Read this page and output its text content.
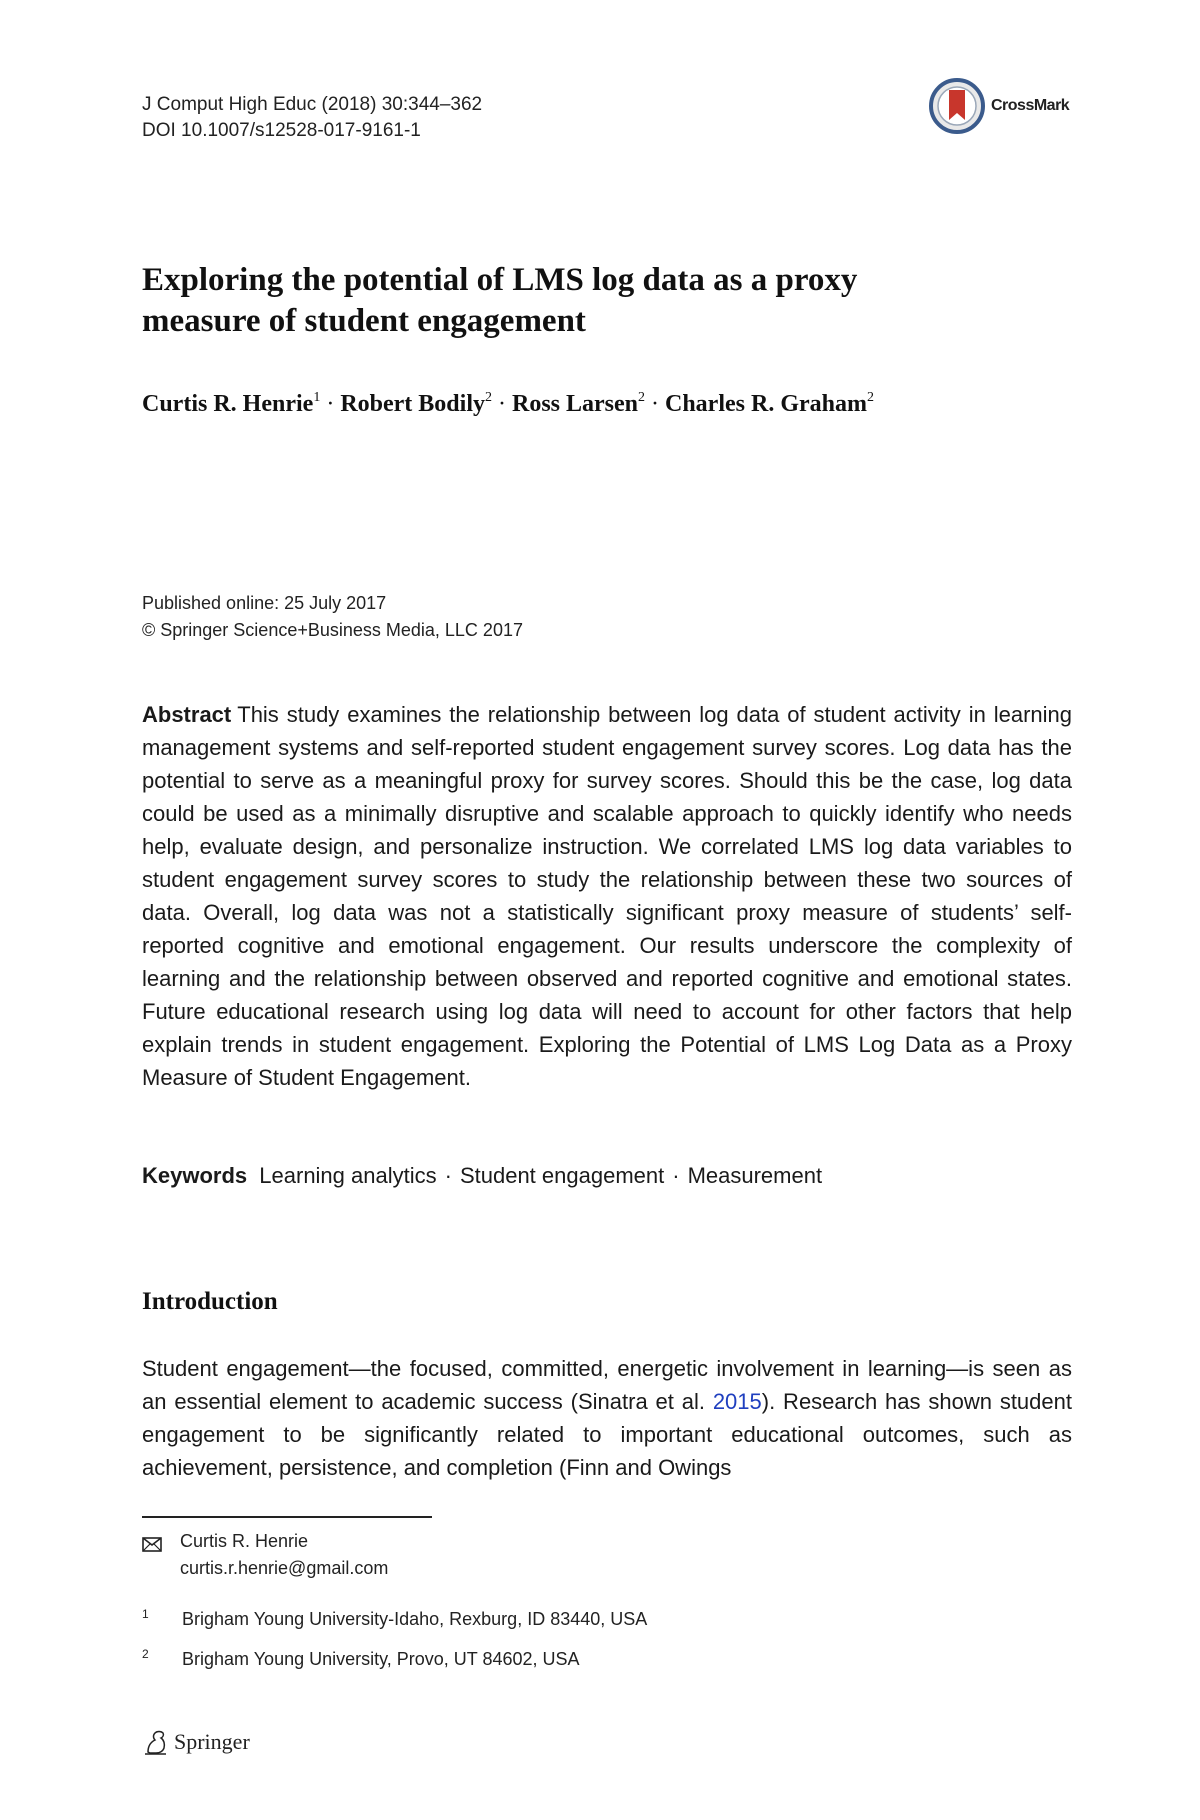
J Comput High Educ (2018) 30:344–362
DOI 10.1007/s12528-017-9161-1
CrossMark
Exploring the potential of LMS log data as a proxy
measure of student engagement
Curtis R. Henrie$^1$ · Robert Bodily$^2$ · Ross Larsen$^2$ · Charles R. Graham$^2$
Published online: 25 July 2017
© Springer Science+Business Media, LLC 2017
Abstract This study examines the relationship between log data of student activity in learning management systems and self-reported student engagement survey scores. Log data has the potential to serve as a meaningful proxy for survey scores. Should this be the case, log data could be used as a minimally disruptive and scalable approach to quickly identify who needs help, evaluate design, and personalize instruction. We correlated LMS log data variables to student engagement survey scores to study the relationship between these two sources of data. Overall, log data was not a statistically significant proxy measure of students’ self-reported cognitive and emotional engagement. Our results underscore the complexity of learning and the relationship between observed and reported cognitive and emotional states. Future educational research using log data will need to account for other factors that help explain trends in student engagement. Exploring the Potential of LMS Log Data as a Proxy Measure of Student Engagement.
Keywords Learning analytics · Student engagement · Measurement
Introduction
Student engagement—the focused, committed, energetic involvement in learning—is seen as an essential element to academic success (Sinatra et al. 2015). Research has shown student engagement to be significantly related to important educational outcomes, such as achievement, persistence, and completion (Finn and Owings
Curtis R. Henrie
curtis.r.henrie@gmail.com
1	Brigham Young University-Idaho, Rexburg, ID 83440, USA
2	Brigham Young University, Provo, UT 84602, USA
Springer
